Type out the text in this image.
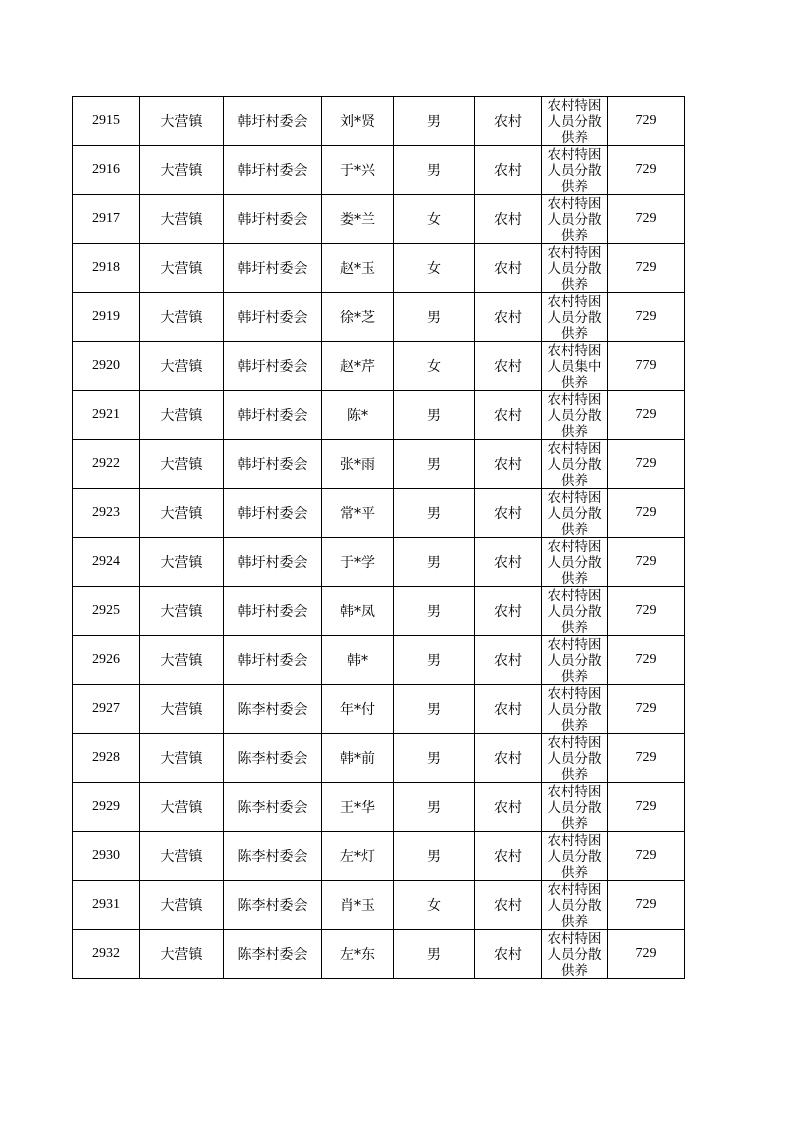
2915	大营镇	韩圩村委会	刘*贤	男	农村	农村特困人员分散供养	729
2916	大营镇	韩圩村委会	于*兴	男	农村	农村特困人员分散供养	729
2917	大营镇	韩圩村委会	娄*兰	女	农村	农村特困人员分散供养	729
2918	大营镇	韩圩村委会	赵*玉	女	农村	农村特困人员分散供养	729
2919	大营镇	韩圩村委会	徐*芝	男	农村	农村特困人员分散供养	729
2920	大营镇	韩圩村委会	赵*芹	女	农村	农村特困人员集中供养	779
2921	大营镇	韩圩村委会	陈*	男	农村	农村特困人员分散供养	729
2922	大营镇	韩圩村委会	张*雨	男	农村	农村特困人员分散供养	729
2923	大营镇	韩圩村委会	常*平	男	农村	农村特困人员分散供养	729
2924	大营镇	韩圩村委会	于*学	男	农村	农村特困人员分散供养	729
2925	大营镇	韩圩村委会	韩*凤	男	农村	农村特困人员分散供养	729
2926	大营镇	韩圩村委会	韩*	男	农村	农村特困人员分散供养	729
2927	大营镇	陈李村委会	年*付	男	农村	农村特困人员分散供养	729
2928	大营镇	陈李村委会	韩*前	男	农村	农村特困人员分散供养	729
2929	大营镇	陈李村委会	王*华	男	农村	农村特困人员分散供养	729
2930	大营镇	陈李村委会	左*灯	男	农村	农村特困人员分散供养	729
2931	大营镇	陈李村委会	肖*玉	女	农村	农村特困人员分散供养	729
2932	大营镇	陈李村委会	左*东	男	农村	农村特困人员分散供养	729
